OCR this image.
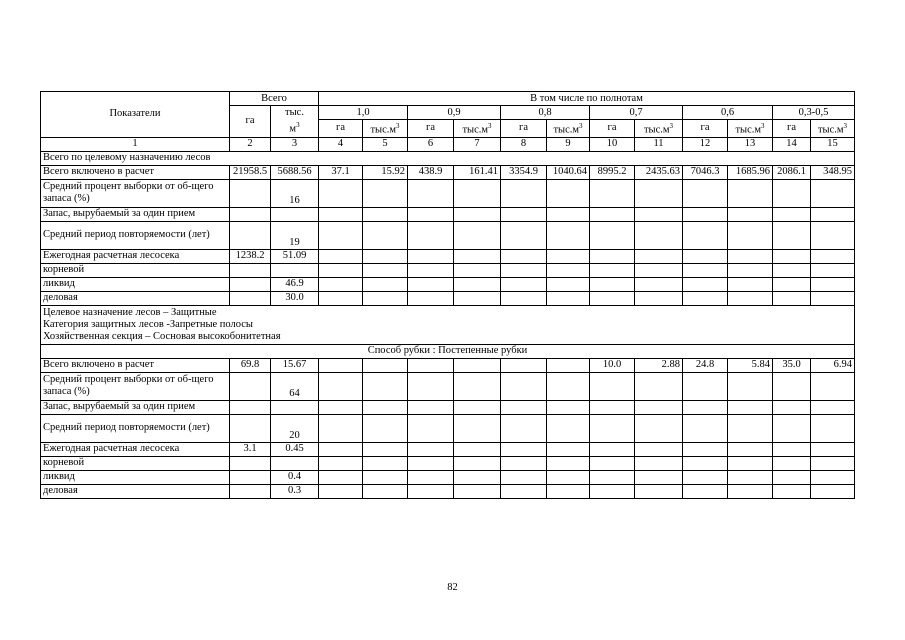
Показатели	Всего		В том числе по полнотам											
	га	тыс.
$м^3$	1,0		0,9		0,8		0,7		0,6		0,3-0,5	
			га	$тыс.м^3$	га	$тыс.м^3$	га	$тыс.м^3$	га	$тыс.м^3$	га	$тыс.м^3$	га	$тыс.м^3$
1	2	3	4	5	6	7	8	9	10	11	12	13	14	15
Всего по целевому назначению лесов														
Всего включено в расчет	21958.5	5688.56	37.1	15.92	438.9	161.41	3354.9	1040.64	8995.2	2435.63	7046.3	1685.96	2086.1	348.95
Средний процент выборки от об-щего запаса (%)		16												
Запас, вырубаемый за один прием														
Средний период повторяемости (лет)		19												
Ежегодная расчетная лесосека	1238.2	51.09												
корневой														
ликвид		46.9												
деловая		30.0												

Целевое назначение лесов – Защитные
Категория защитных лесов -Запретные полосы
Хозяйственная секция – Сосновая высокобонитетная														

Способ рубки : Постепенные рубки														
Всего включено в расчет	69.8	15.67							10.0	2.88	24.8	5.84	35.0	6.94
Средний процент выборки от об-щего запаса (%)		64												
Запас, вырубаемый за один прием														
Средний период повторяемости (лет)		20												
Ежегодная расчетная лесосека	3.1	0.45												
корневой														
ликвид		0.4												
деловая		0.3												
82
